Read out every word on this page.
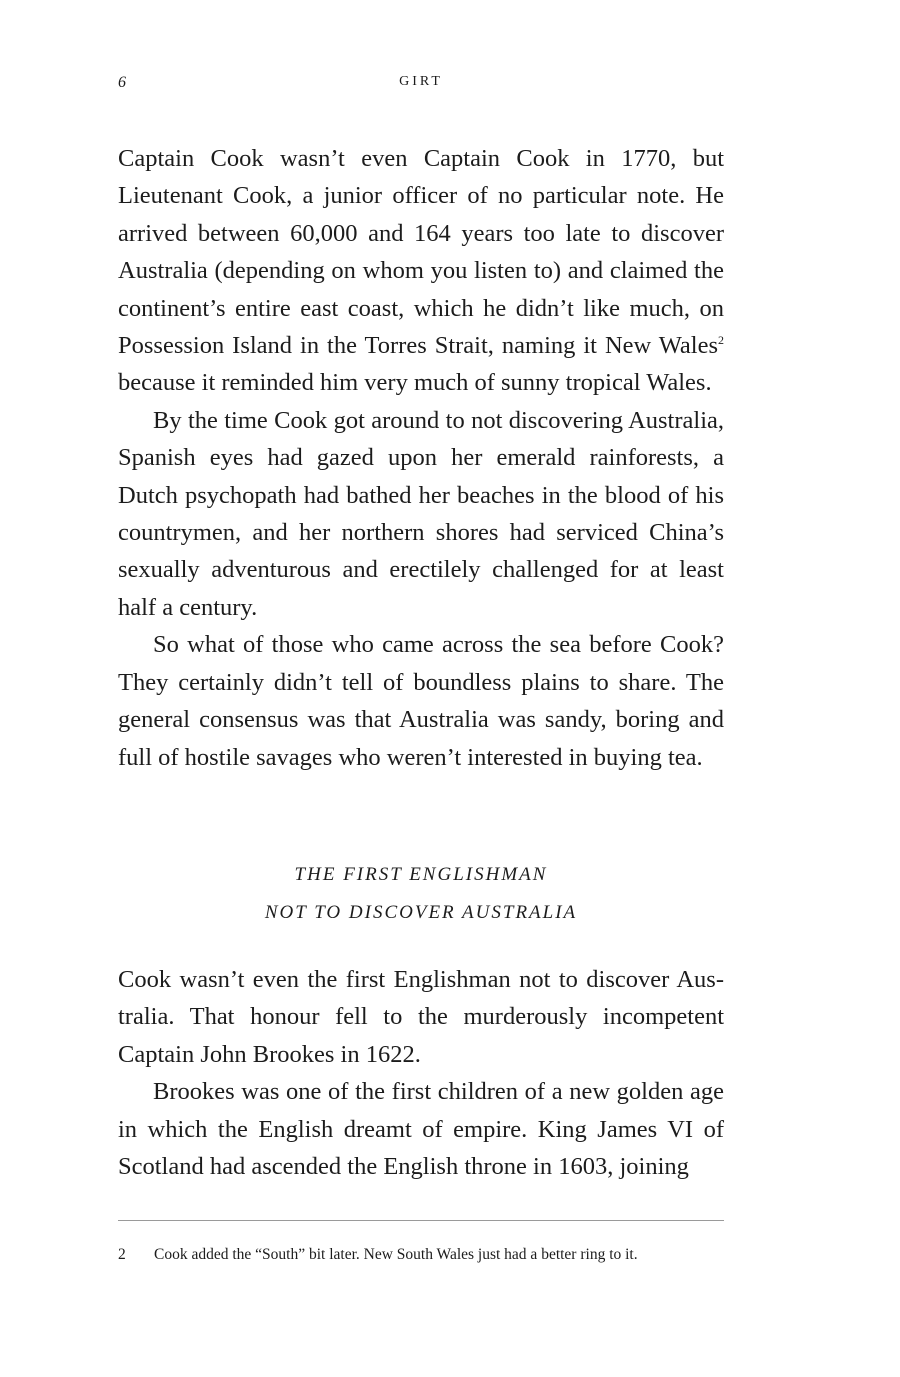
6	GIRT

Captain Cook wasn’t even Captain Cook in 1770, but Lieutenant Cook, a junior officer of no particular note. He arrived between 60,000 and 164 years too late to discover Australia (depending on whom you listen to) and claimed the continent’s entire east coast, which he didn’t like much, on Possession Island in the Torres Strait, naming it New Wales$^2$ because it reminded him very much of sunny tropical Wales.

By the time Cook got around to not discovering Australia, Spanish eyes had gazed upon her emerald rainforests, a Dutch psychopath had bathed her beaches in the blood of his countrymen, and her northern shores had serviced China’s sexually adventurous and erectilely challenged for at least half a century.

So what of those who came across the sea before Cook? They certainly didn’t tell of boundless plains to share. The general consensus was that Australia was sandy, boring and full of hostile savages who weren’t interested in buying tea.

THE FIRST ENGLISHMAN
NOT TO DISCOVER AUSTRALIA

Cook wasn’t even the first Englishman not to discover Australia. That honour fell to the murderously incompetent Captain John Brookes in 1622.

Brookes was one of the first children of a new golden age in which the English dreamt of empire. King James VI of Scotland had ascended the English throne in 1603, joining

2 Cook added the “South” bit later. New South Wales just had a better ring to it.
